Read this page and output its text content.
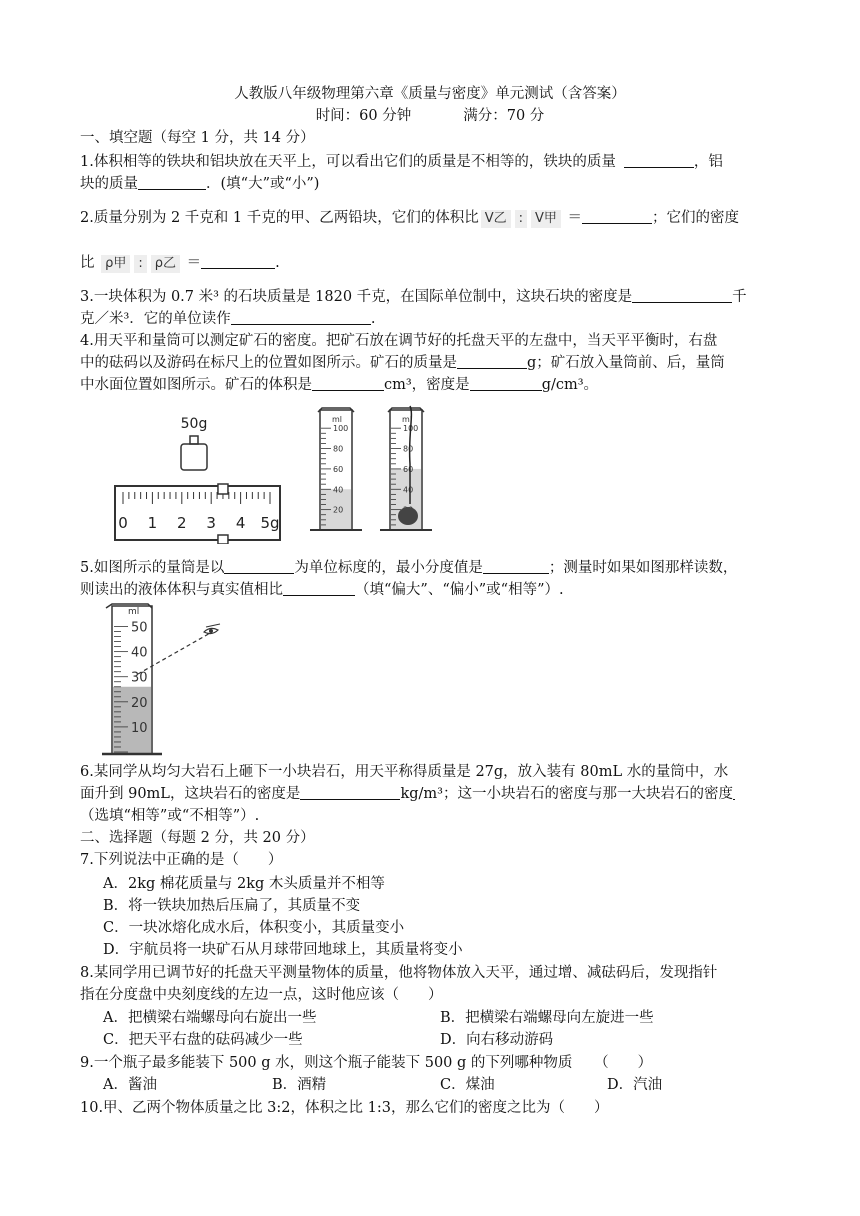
人教版八年级物理第六章《质量与密度》单元测试（含答案）
时间：60 分钟	满分：70 分
一、填空题（每空 1 分，共 14 分）
1.体积相等的铁块和铝块放在天平上，可以看出它们的质量是不相等的，铁块的质量	，铝
块的质量	．(填“大”或“小”)
2.质量分别为 2 千克和 1 千克的甲、乙两铅块，它们的体积比 V乙 : V甲 ＝	；它们的密度
比 ρ甲 : ρ乙 ＝	.
3.一块体积为 0.7 米³ 的石块质量是 1820 千克，在国际单位制中，这块石块的密度是	千
克／米³．它的单位读作	.
4.用天平和量筒可以测定矿石的密度。把矿石放在调节好的托盘天平的左盘中，当天平平衡时，右盘
中的砝码以及游码在标尺上的位置如图所示。矿石的质量是	g；矿石放入量筒前、后，量筒
中水面位置如图所示。矿石的体积是	cm³，密度是	g/cm³。
50g
0 1 2 3 4 5g
ml
100
80
60
40
20
ml
100
80
60
40
5.如图所示的量筒是以	为单位标度的，最小分度值是	；测量时如果如图那样读数，
则读出的液体体积与真实值相比	（填“偏大”、“偏小”或“相等”）.
ml
50
40
30
20
10
6.某同学从均匀大岩石上砸下一小块岩石，用天平称得质量是 27g，放入装有 80mL 水的量筒中，水
面升到 90mL，这块岩石的密度是	kg/m³；这一小块岩石的密度与那一大块岩石的密度
（选填“相等”或“不相等”）.
二、选择题（每题 2 分，共 20 分）
7.下列说法中正确的是（　　）
A．2kg 棉花质量与 2kg 木头质量并不相等
B．将一铁块加热后压扁了，其质量不变
C．一块冰熔化成水后，体积变小，其质量变小
D．宇航员将一块矿石从月球带回地球上，其质量将变小
8.某同学用已调节好的托盘天平测量物体的质量，他将物体放入天平，通过增、减砝码后，发现指针
指在分度盘中央刻度线的左边一点，这时他应该（　　）
A．把横梁右端螺母向右旋出一些	B．把横梁右端螺母向左旋进一些
C．把天平右盘的砝码减少一些	D．向右移动游码
9.一个瓶子最多能装下 500 g 水，则这个瓶子能装下 500 g 的下列哪种物质　　（　　）
A．酱油	B．酒精	C．煤油	D．汽油
10.甲、乙两个物体质量之比 3:2，体积之比 1:3，那么它们的密度之比为（　　）
